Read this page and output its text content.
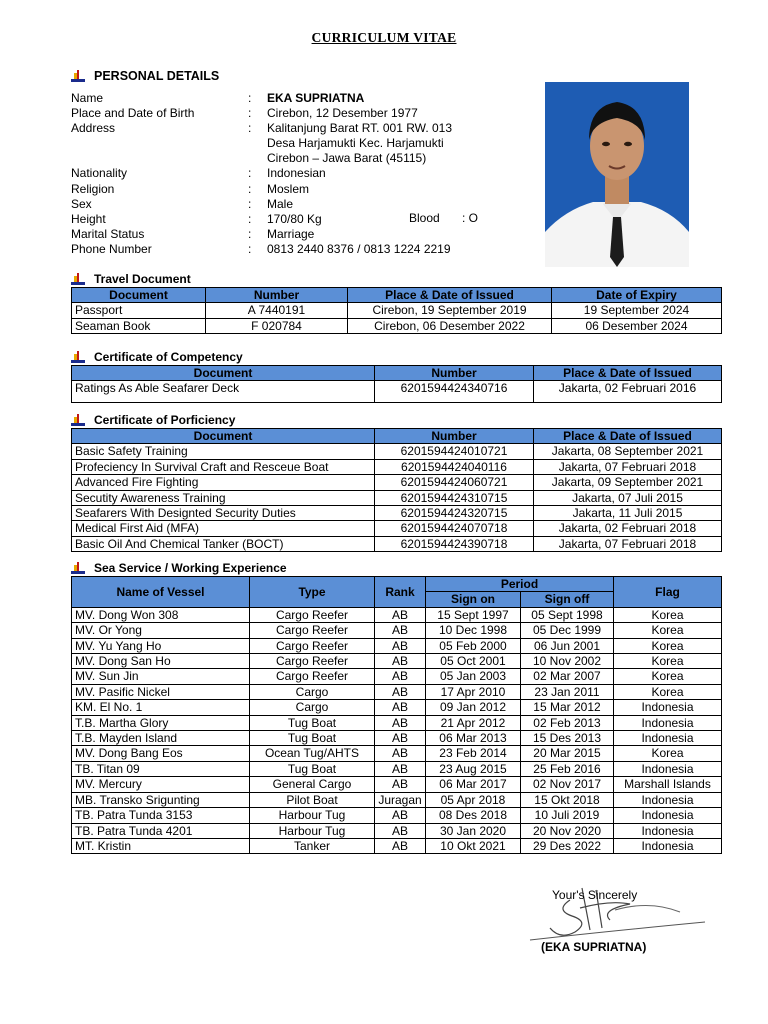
CURRICULUM VITAE
PERSONAL DETAILS
Name	: EKA SUPRIATNA
Place and Date of Birth	: Cirebon, 12 Desember 1977
Address	: Kalitanjung Barat RT. 001 RW. 013
Desa Harjamukti Kec. Harjamukti
Cirebon – Jawa Barat (45115)
Nationality	: Indonesian
Religion	: Moslem
Sex	: Male
Height	: 170/80 Kg
Marital Status	: Marriage
Phone Number	: 0813 2440 8376 / 0813 1224 2219
Blood : O
Travel Document
Document	Number	Place & Date of Issued	Date of Expiry
Passport	A 7440191	Cirebon, 19 September 2019	19 September 2024
Seaman Book	F 020784	Cirebon, 06 Desember 2022	06 Desember 2024
Certificate of Competency
Document	Number	Place & Date of Issued
Ratings As Able Seafarer Deck	6201594424340716	Jakarta, 02 Februari 2016
Certificate of Porficiency
Document	Number	Place & Date of Issued
Basic Safety Training	6201594424010721	Jakarta, 08 September 2021
Profeciency In Survival Craft and Resceue Boat	6201594424040116	Jakarta, 07 Februari 2018
Advanced Fire Fighting	6201594424060721	Jakarta, 09 September 2021
Secutity Awareness Training	6201594424310715	Jakarta, 07 Juli 2015
Seafarers With Designted Security Duties	6201594424320715	Jakarta, 11 Juli 2015
Medical First Aid (MFA)	6201594424070718	Jakarta, 02 Februari 2018
Basic Oil And Chemical Tanker (BOCT)	6201594424390718	Jakarta, 07 Februari 2018
Sea Service / Working Experience
Name of Vessel	Type	Rank	Period		Flag
			Sign on	Sign off	
MV. Dong Won 308	Cargo Reefer	AB	15 Sept 1997	05 Sept 1998	Korea
MV. Or Yong	Cargo Reefer	AB	10 Dec 1998	05 Dec 1999	Korea
MV. Yu Yang Ho	Cargo Reefer	AB	05 Feb 2000	06 Jun 2001	Korea
MV. Dong San Ho	Cargo Reefer	AB	05 Oct 2001	10 Nov 2002	Korea
MV. Sun Jin	Cargo Reefer	AB	05 Jan 2003	02 Mar 2007	Korea
MV. Pasific Nickel	Cargo	AB	17 Apr 2010	23 Jan 2011	Korea
KM. El No. 1	Cargo	AB	09 Jan 2012	15 Mar 2012	Indonesia
T.B. Martha Glory	Tug Boat	AB	21 Apr 2012	02 Feb 2013	Indonesia
T.B. Mayden Island	Tug Boat	AB	06 Mar 2013	15 Des 2013	Indonesia
MV. Dong Bang Eos	Ocean Tug/AHTS	AB	23 Feb 2014	20 Mar 2015	Korea
TB. Titan 09	Tug Boat	AB	23 Aug 2015	25 Feb 2016	Indonesia
MV. Mercury	General Cargo	AB	06 Mar 2017	02 Nov 2017	Marshall Islands
MB. Transko Srigunting	Pilot Boat	Juragan	05 Apr 2018	15 Okt 2018	Indonesia
TB. Patra Tunda 3153	Harbour Tug	AB	08 Des 2018	10 Juli 2019	Indonesia
TB. Patra Tunda 4201	Harbour Tug	AB	30 Jan 2020	20 Nov 2020	Indonesia
MT. Kristin	Tanker	AB	10 Okt 2021	29 Des 2022	Indonesia
Your's Sincerely
(EKA SUPRIATNA)
